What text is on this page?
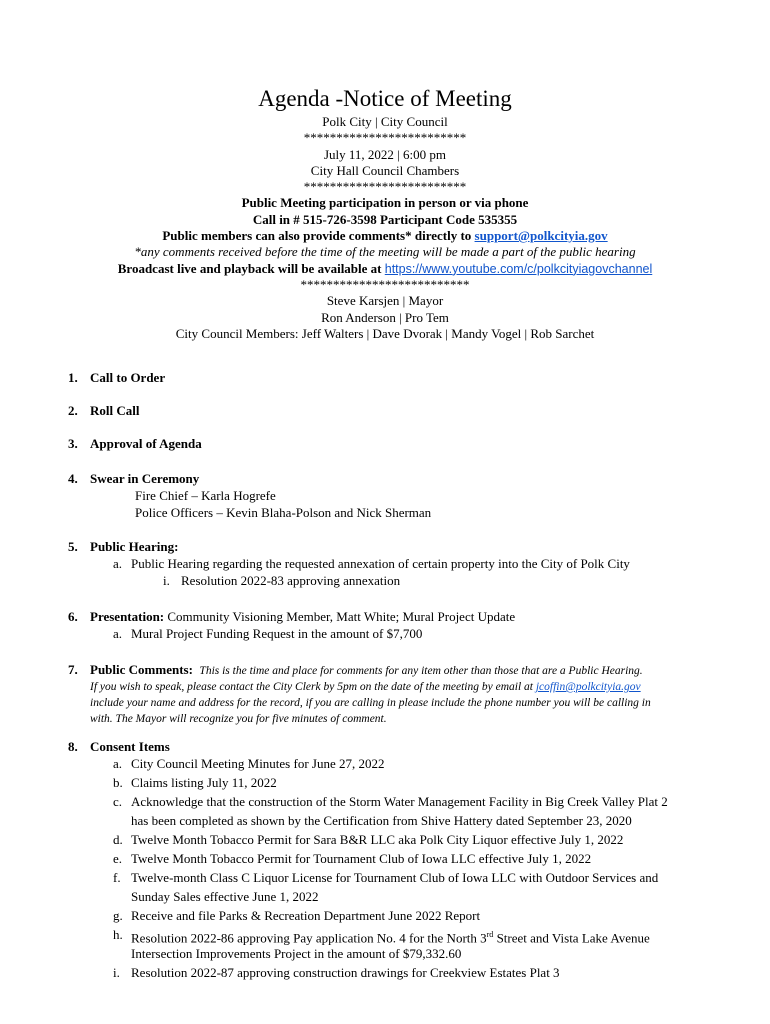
Agenda -Notice of Meeting
Polk City | City Council
*************************
July 11, 2022 | 6:00 pm
City Hall Council Chambers
*************************
Public Meeting participation in person or via phone
Call in # 515-726-3598 Participant Code 535355
Public members can also provide comments* directly to support@polkcityia.gov
*any comments received before the time of the meeting will be made a part of the public hearing
Broadcast live and playback will be available at https://www.youtube.com/c/polkcityiagovchannel
**************************
Steve Karsjen | Mayor
Ron Anderson | Pro Tem
City Council Members: Jeff Walters | Dave Dvorak | Mandy Vogel | Rob Sarchet
1. Call to Order
2. Roll Call
3. Approval of Agenda
4. Swear in Ceremony
Fire Chief – Karla Hogrefe
Police Officers – Kevin Blaha-Polson and Nick Sherman
5. Public Hearing:
a. Public Hearing regarding the requested annexation of certain property into the City of Polk City
i. Resolution 2022-83 approving annexation
6. Presentation: Community Visioning Member, Matt White; Mural Project Update
a. Mural Project Funding Request in the amount of $7,700
7. Public Comments: This is the time and place for comments for any item other than those that are a Public Hearing.
If you wish to speak, please contact the City Clerk by 5pm on the date of the meeting by email at jcoffin@polkcityia.gov
include your name and address for the record, if you are calling in please include the phone number you will be calling in
with. The Mayor will recognize you for five minutes of comment.
8. Consent Items
a. City Council Meeting Minutes for June 27, 2022
b. Claims listing July 11, 2022
c. Acknowledge that the construction of the Storm Water Management Facility in Big Creek Valley Plat 2
has been completed as shown by the Certification from Shive Hattery dated September 23, 2020
d. Twelve Month Tobacco Permit for Sara B&R LLC aka Polk City Liquor effective July 1, 2022
e. Twelve Month Tobacco Permit for Tournament Club of Iowa LLC effective July 1, 2022
f. Twelve-month Class C Liquor License for Tournament Club of Iowa LLC with Outdoor Services and
Sunday Sales effective June 1, 2022
g. Receive and file Parks & Recreation Department June 2022 Report
h. Resolution 2022-86 approving Pay application No. 4 for the North 3rd Street and Vista Lake Avenue
Intersection Improvements Project in the amount of $79,332.60
i. Resolution 2022-87 approving construction drawings for Creekview Estates Plat 3
